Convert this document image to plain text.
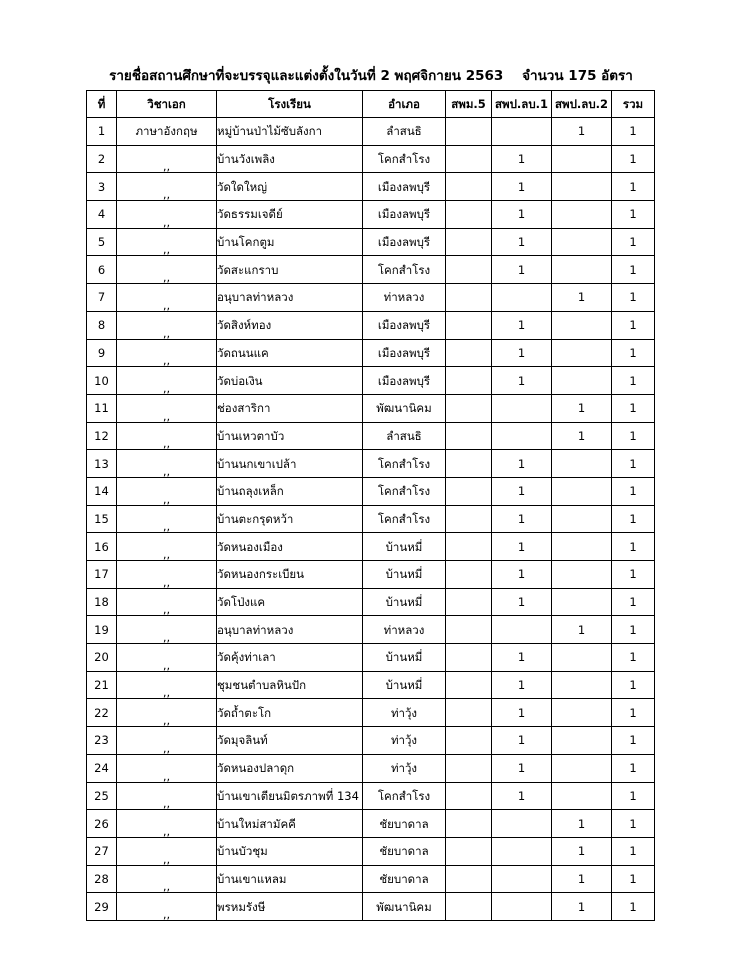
รายชื่อสถานศึกษาที่จะบรรจุและแต่งตั้งในวันที่ 2 พฤศจิกายน 2563 จำนวน 175 อัตรา
ที่	วิชาเอก	โรงเรียน	อำเภอ	สพม.5	สพป.ลบ.1	สพป.ลบ.2	รวม
1	ภาษาอังกฤษ	หมู่บ้านป่าไม้ซับลังกา	ลำสนธิ			1	1
2	,,	บ้านวังเพลิง	โคกสำโรง		1		1
3	,,	วัดใดใหญ่	เมืองลพบุรี		1		1
4	,,	วัดธรรมเจดีย์	เมืองลพบุรี		1		1
5	,,	บ้านโคกตูม	เมืองลพบุรี		1		1
6	,,	วัดสะแกราบ	โคกสำโรง		1		1
7	,,	อนุบาลท่าหลวง	ท่าหลวง			1	1
8	,,	วัดสิงห์ทอง	เมืองลพบุรี		1		1
9	,,	วัดถนนแค	เมืองลพบุรี		1		1
10	,,	วัดบ่อเงิน	เมืองลพบุรี		1		1
11	,,	ช่องสาริกา	พัฒนานิคม			1	1
12	,,	บ้านเหวตาบัว	ลำสนธิ			1	1
13	,,	บ้านนกเขาเปล้า	โคกสำโรง		1		1
14	,,	บ้านถลุงเหล็ก	โคกสำโรง		1		1
15	,,	บ้านตะกรุดหว้า	โคกสำโรง		1		1
16	,,	วัดหนองเมือง	บ้านหมี่		1		1
17	,,	วัดหนองกระเบียน	บ้านหมี่		1		1
18	,,	วัดโป่งแค	บ้านหมี่		1		1
19	,,	อนุบาลท่าหลวง	ท่าหลวง			1	1
20	,,	วัดคุ้งท่าเลา	บ้านหมี่		1		1
21	,,	ชุมชนตำบลหินปัก	บ้านหมี่		1		1
22	,,	วัดถ้ำตะโก	ท่าวุ้ง		1		1
23	,,	วัดมุจลินท์	ท่าวุ้ง		1		1
24	,,	วัดหนองปลาดุก	ท่าวุ้ง		1		1
25	,,	บ้านเขาเตียนมิตรภาพที่ 134	โคกสำโรง		1		1
26	,,	บ้านใหม่สามัคคี	ชัยบาดาล			1	1
27	,,	บ้านบัวชุม	ชัยบาดาล			1	1
28	,,	บ้านเขาแหลม	ชัยบาดาล			1	1
29	,,	พรหมรังษี	พัฒนานิคม			1	1
